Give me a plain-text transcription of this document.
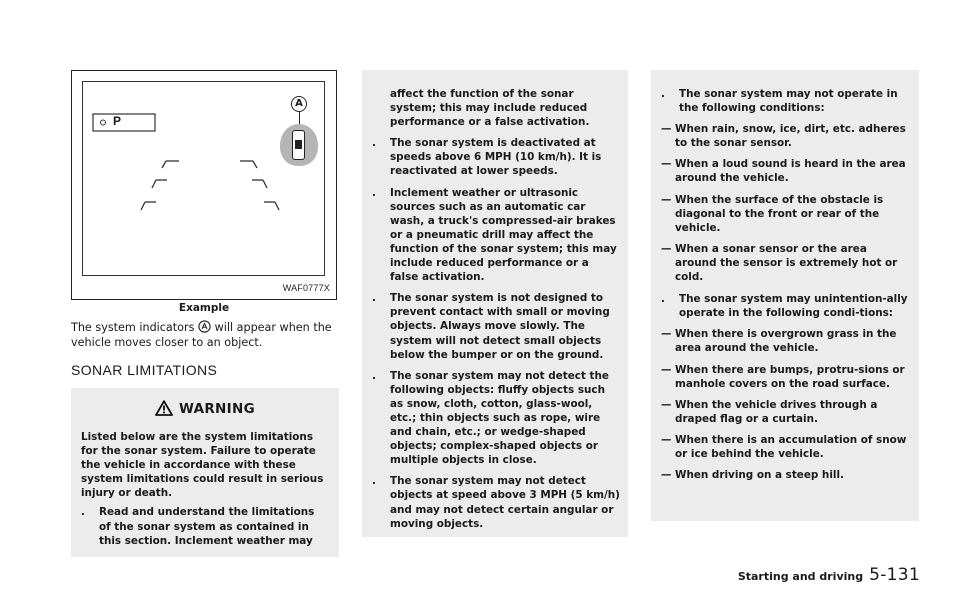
P
A
WAF0777X
Example
The system indicators will appear when the vehicle moves closer to an object.
SONAR LIMITATIONS
WARNING
Listed below are the system limitations for the sonar system. Failure to operate the vehicle in accordance with these system limitations could result in serious injury or death.
.	Read and understand the limitations of the sonar system as contained in this section. Inclement weather may
affect the function of the sonar system; this may include reduced performance or a false activation.
.	The sonar system is deactivated at speeds above 6 MPH (10 km/h). It is reactivated at lower speeds.
.	Inclement weather or ultrasonic sources such as an automatic car wash, a truck's compressed-air brakes or a pneumatic drill may affect the function of the sonar system; this may include reduced performance or a false activation.
.	The sonar system is not designed to prevent contact with small or moving objects. Always move slowly. The system will not detect small objects below the bumper or on the ground.
.	The sonar system may not detect the following objects: fluffy objects such as snow, cloth, cotton, glass-wool, etc.; thin objects such as rope, wire and chain, etc.; or wedge-shaped objects; complex-shaped objects or multiple objects in close.
.	The sonar system may not detect objects at speed above 3 MPH (5 km/h) and may not detect certain angular or moving objects.
.	The sonar system may not operate in the following conditions:
— When rain, snow, ice, dirt, etc. adheres to the sonar sensor.
— When a loud sound is heard in the area around the vehicle.
— When the surface of the obstacle is diagonal to the front or rear of the vehicle.
— When a sonar sensor or the area around the sensor is extremely hot or cold.
.	The sonar system may unintention-ally operate in the following condi-tions:
— When there is overgrown grass in the area around the vehicle.
— When there are bumps, protru-sions or manhole covers on the road surface.
— When the vehicle drives through a draped flag or a curtain.
— When there is an accumulation of snow or ice behind the vehicle.
— When driving on a steep hill.
Starting and driving 5-131
